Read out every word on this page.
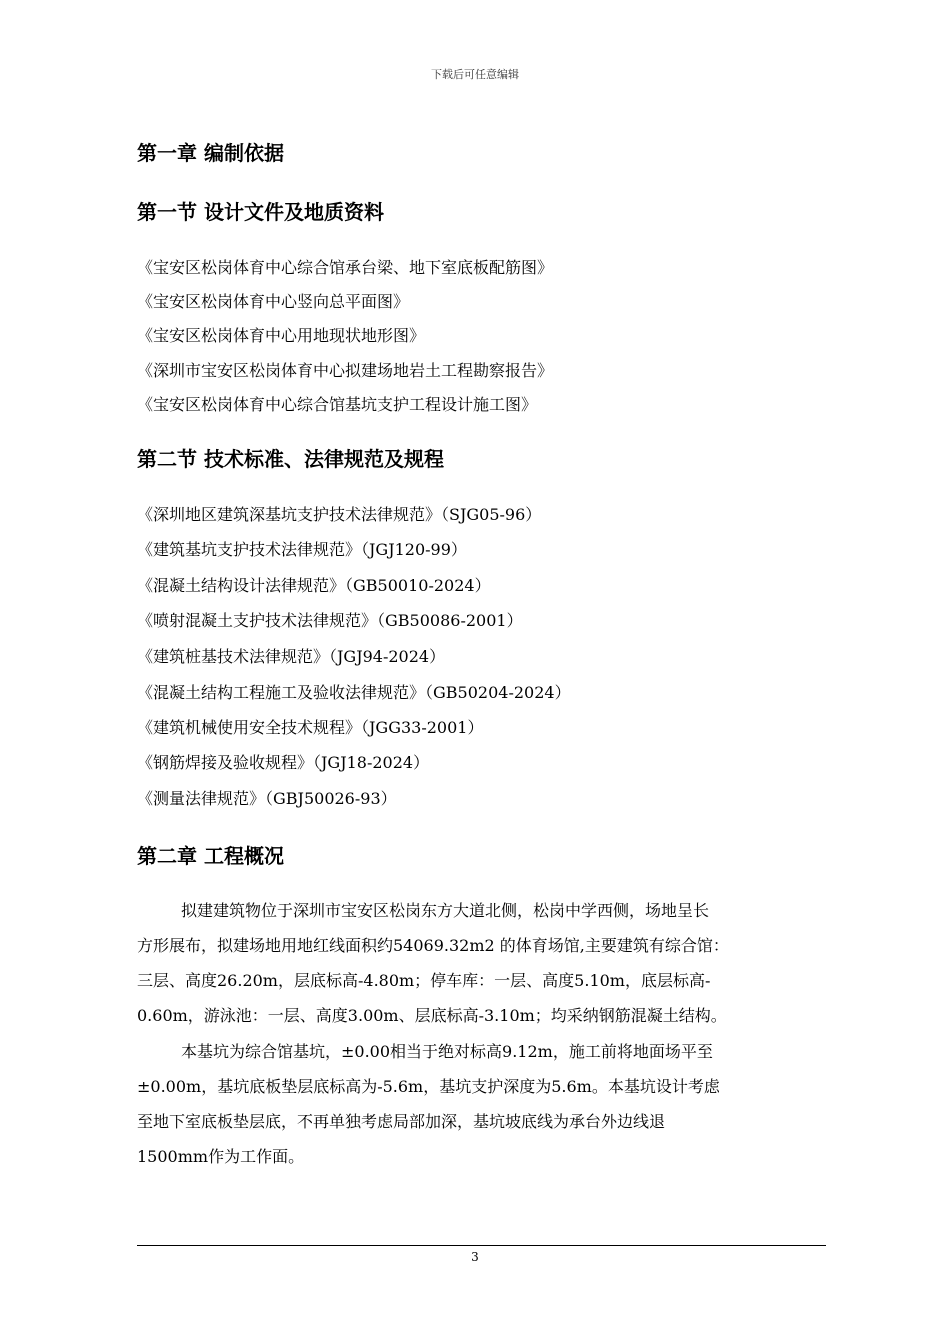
下载后可任意编辑
第一章 编制依据
第一节 设计文件及地质资料
《宝安区松岗体育中心综合馆承台梁、地下室底板配筋图》
《宝安区松岗体育中心竖向总平面图》
《宝安区松岗体育中心用地现状地形图》
《深圳市宝安区松岗体育中心拟建场地岩土工程勘察报告》
《宝安区松岗体育中心综合馆基坑支护工程设计施工图》
第二节 技术标准、法律规范及规程
《深圳地区建筑深基坑支护技术法律规范》（SJG05-96）
《建筑基坑支护技术法律规范》（JGJ120-99）
《混凝土结构设计法律规范》（GB50010-2024）
《喷射混凝土支护技术法律规范》（GB50086-2001）
《建筑桩基技术法律规范》（JGJ94-2024）
《混凝土结构工程施工及验收法律规范》（GB50204-2024）
《建筑机械使用安全技术规程》（JGG33-2001）
《钢筋焊接及验收规程》（JGJ18-2024）
《测量法律规范》（GBJ50026-93）
第二章 工程概况
拟建建筑物位于深圳市宝安区松岗东方大道北侧，松岗中学西侧，场地呈长
方形展布，拟建场地用地红线面积约54069.32m2 的体育场馆,主要建筑有综合馆：
三层、高度26.20m，层底标高-4.80m；停车库：一层、高度5.10m，底层标高-
0.60m，游泳池：一层、高度3.00m、层底标高-3.10m；均采纳钢筋混凝土结构。
本基坑为综合馆基坑，±0.00相当于绝对标高9.12m，施工前将地面场平至
±0.00m，基坑底板垫层底标高为-5.6m，基坑支护深度为5.6m。本基坑设计考虑
至地下室底板垫层底，不再单独考虑局部加深，基坑坡底线为承台外边线退
1500mm作为工作面。
3
